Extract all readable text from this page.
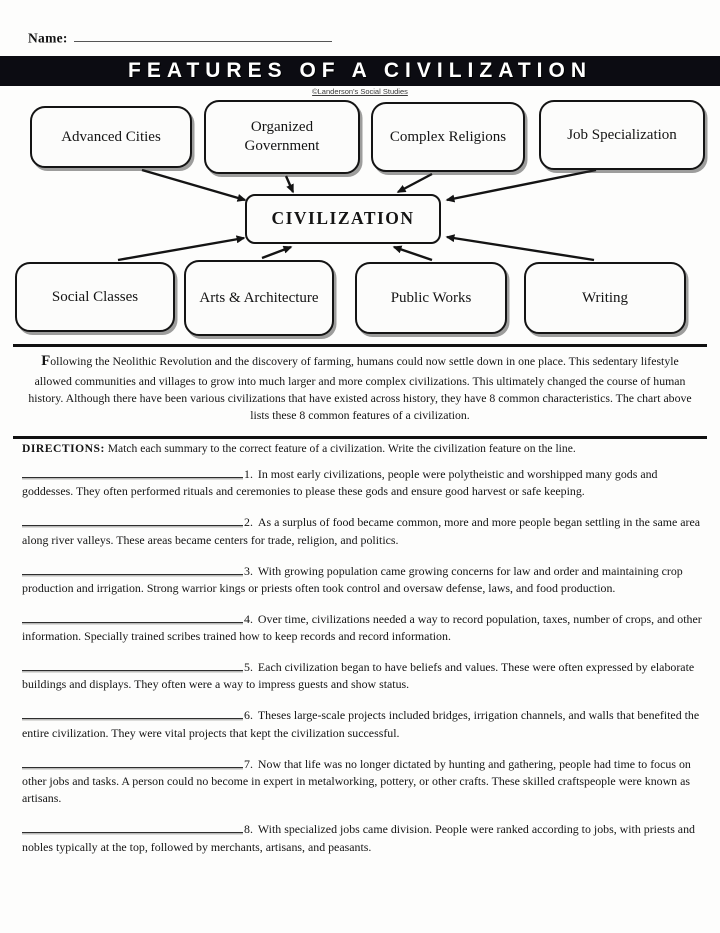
Name:
FEATURES OF A CIVILIZATION
©Landerson's Social Studies
Advanced Cities
Organized Government
Complex Religions	Job Specialization
CIVILIZATION
Social Classes	Arts & Architecture	Public Works	Writing

Following the Neolithic Revolution and the discovery of farming, humans could now settle down in one place. This sedentary lifestyle allowed communities and villages to grow into much larger and more complex civilizations. This ultimately changed the course of human history. Although there have been various civilizations that have existed across history, they have 8 common characteristics. The chart above lists these 8 common features of a civilization.

DIRECTIONS: Match each summary to the correct feature of a civilization. Write the civilization feature on the line.

1. In most early civilizations, people were polytheistic and worshipped many gods and goddesses. They often performed rituals and ceremonies to please these gods and ensure good harvest or safe keeping.

2. As a surplus of food became common, more and more people began settling in the same area along river valleys. These areas became centers for trade, religion, and politics.

3. With growing population came growing concerns for law and order and maintaining crop production and irrigation. Strong warrior kings or priests often took control and oversaw defense, laws, and food production.

4. Over time, civilizations needed a way to record population, taxes, number of crops, and other information. Specially trained scribes trained how to keep records and record information.

5. Each civilization began to have beliefs and values. These were often expressed by elaborate buildings and displays. They often were a way to impress guests and show status.

6. Theses large-scale projects included bridges, irrigation channels, and walls that benefited the entire civilization. They were vital projects that kept the civilization successful.

7. Now that life was no longer dictated by hunting and gathering, people had time to focus on other jobs and tasks. A person could no become in expert in metalworking, pottery, or other crafts. These skilled craftspeople were known as artisans.

8. With specialized jobs came division. People were ranked according to jobs, with priests and nobles typically at the top, followed by merchants, artisans, and peasants.
